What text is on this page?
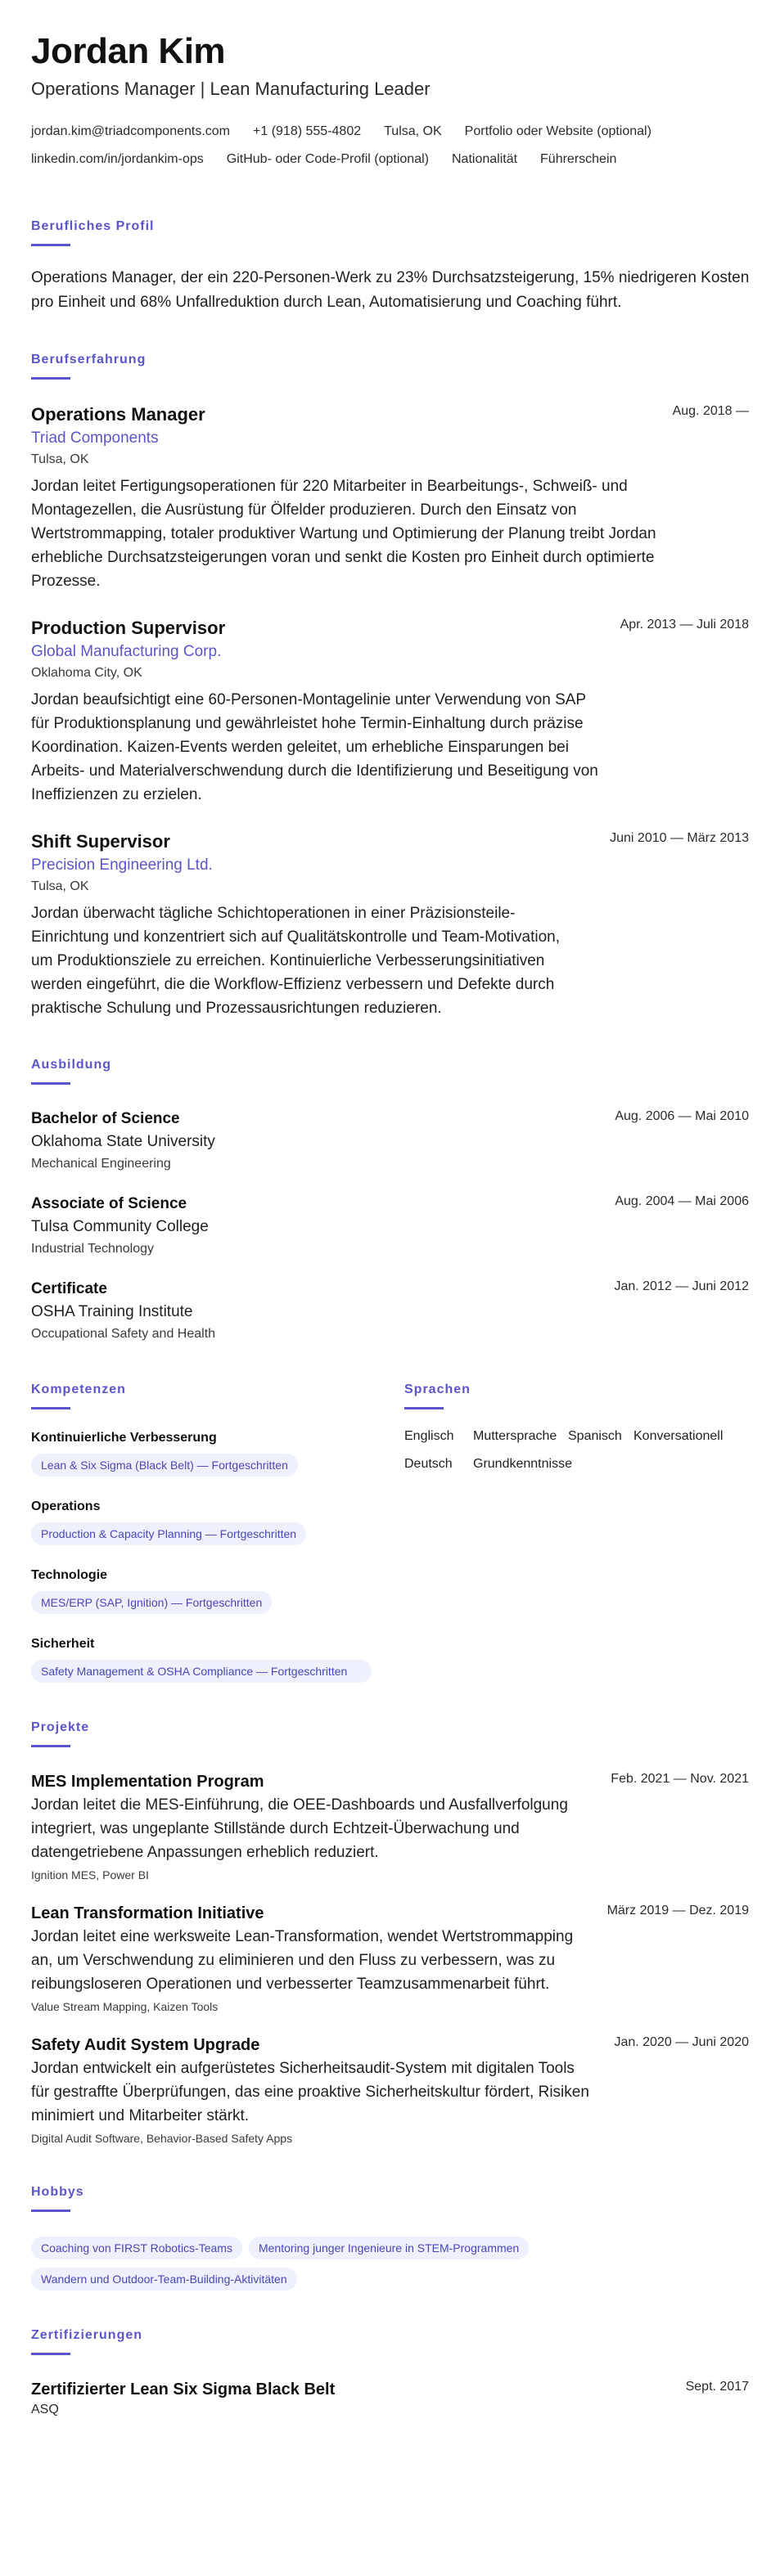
Jordan Kim
Operations Manager | Lean Manufacturing Leader
jordan.kim@triadcomponents.com +1 (918) 555-4802 Tulsa, OK Portfolio oder Website (optional)
linkedin.com/in/jordankim-ops GitHub- oder Code-Profil (optional) Nationalität Führerschein
Berufliches Profil
Operations Manager, der ein 220-Personen-Werk zu 23% Durchsatzsteigerung, 15% niedrigeren Kosten pro Einheit und 68% Unfallreduktion durch Lean, Automatisierung und Coaching führt.
Berufserfahrung
Operations Manager	Aug. 2018 —
Triad Components
Tulsa, OK
Jordan leitet Fertigungsoperationen für 220 Mitarbeiter in Bearbeitungs-, Schweiß- und Montagezellen, die Ausrüstung für Ölfelder produzieren. Durch den Einsatz von Wertstrommapping, totaler produktiver Wartung und Optimierung der Planung treibt Jordan erhebliche Durchsatzsteigerungen voran und senkt die Kosten pro Einheit durch optimierte Prozesse.
Production Supervisor	Apr. 2013 — Juli 2018
Global Manufacturing Corp.
Oklahoma City, OK
Jordan beaufsichtigt eine 60-Personen-Montagelinie unter Verwendung von SAP für Produktionsplanung und gewährleistet hohe Termin-Einhaltung durch präzise Koordination. Kaizen-Events werden geleitet, um erhebliche Einsparungen bei Arbeits- und Materialverschwendung durch die Identifizierung und Beseitigung von Ineffizienzen zu erzielen.
Shift Supervisor	Juni 2010 — März 2013
Precision Engineering Ltd.
Tulsa, OK
Jordan überwacht tägliche Schichtoperationen in einer Präzisionsteile-Einrichtung und konzentriert sich auf Qualitätskontrolle und Team-Motivation, um Produktionsziele zu erreichen. Kontinuierliche Verbesserungsinitiativen werden eingeführt, die die Workflow-Effizienz verbessern und Defekte durch praktische Schulung und Prozessausrichtungen reduzieren.
Ausbildung
Bachelor of Science	Aug. 2006 — Mai 2010
Oklahoma State University
Mechanical Engineering
Associate of Science	Aug. 2004 — Mai 2006
Tulsa Community College
Industrial Technology
Certificate	Jan. 2012 — Juni 2012
OSHA Training Institute
Occupational Safety and Health
Kompetenzen
Kontinuierliche Verbesserung
Lean & Six Sigma (Black Belt) — Fortgeschritten
Operations
Production & Capacity Planning — Fortgeschritten
Technologie
MES/ERP (SAP, Ignition) — Fortgeschritten
Sicherheit
Safety Management & OSHA Compliance — Fortgeschritten
Sprachen
Englisch	Muttersprache Spanisch Konversationell
Deutsch	Grundkenntnisse
Projekte
MES Implementation Program	Feb. 2021 — Nov. 2021
Jordan leitet die MES-Einführung, die OEE-Dashboards und Ausfallverfolgung integriert, was ungeplante Stillstände durch Echtzeit-Überwachung und datengetriebene Anpassungen erheblich reduziert.
Ignition MES, Power BI
Lean Transformation Initiative	März 2019 — Dez. 2019
Jordan leitet eine werksweite Lean-Transformation, wendet Wertstrommapping an, um Verschwendung zu eliminieren und den Fluss zu verbessern, was zu reibungsloseren Operationen und verbesserter Teamzusammenarbeit führt.
Value Stream Mapping, Kaizen Tools
Safety Audit System Upgrade	Jan. 2020 — Juni 2020
Jordan entwickelt ein aufgerüstetes Sicherheitsaudit-System mit digitalen Tools für gestraffte Überprüfungen, das eine proaktive Sicherheitskultur fördert, Risiken minimiert und Mitarbeiter stärkt.
Digital Audit Software, Behavior-Based Safety Apps
Hobbys
Coaching von FIRST Robotics-Teams Mentoring junger Ingenieure in STEM-Programmen
Wandern und Outdoor-Team-Building-Aktivitäten
Zertifizierungen
Zertifizierter Lean Six Sigma Black Belt	Sept. 2017
ASQ
